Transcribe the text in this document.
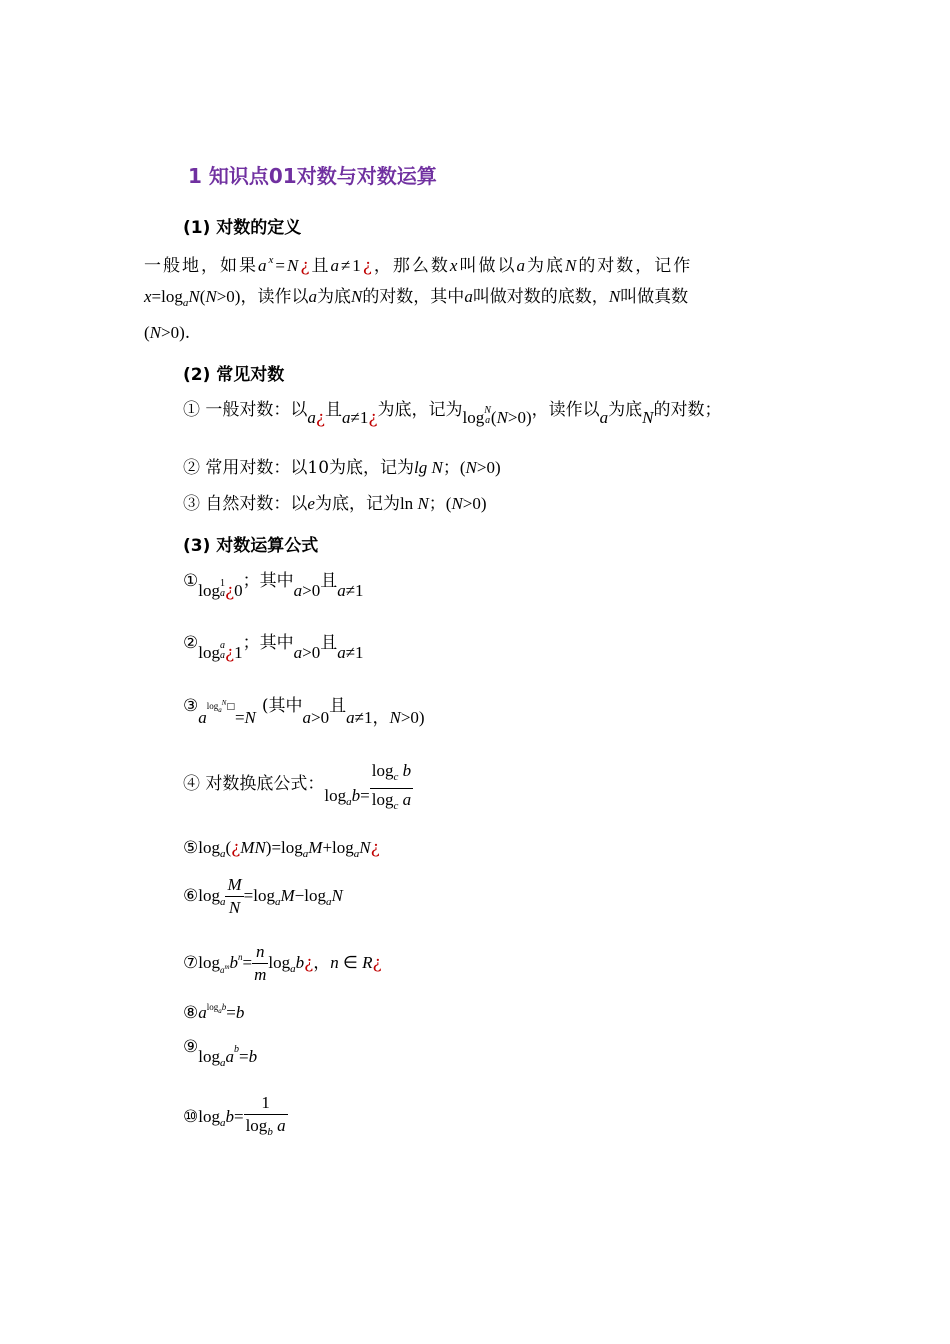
1 知识点01对数与对数运算
(1) 对数的定义
一般地，如果$a^x=N¿$且a≠1¿，那么数x叫做以a为底N的对数，记作
$x=\log_aN(N>0)$，读作以a为底N的对数，其中a叫做对数的底数，N叫做真数
(N>0).
(2) 常见对数
① 一般对数：以a¿且a≠1¿为底，记为log N
a (N>0)，读作以a为底N的对数；
② 常用对数：以10为底，记为lg N；(N>0)
③ 自然对数：以e为底，记为ln N；(N>0)
(3) 对数运算公式
①log 1
a ¿0；其中a>0且a≠1
②log a
a ¿1；其中a>0且a≠1
③aloga$^N$□=N(其中a>0且a≠1，N>0)
④ 对数换底公式：$\log_ab= \frac{\log_c b}{\log_c a}$
$⑤\log_a(¿MN)=\log_aM+\log_aN¿$
$⑥\log_a \frac{M}{N} =\log_aM-\log_aN$
$⑦\log_amb^n= \frac{n}{m}$ $\log_ab¿$，n ∈ R¿
$⑧a^{logab}=b$
$⑨\log_aab=b$
$⑩\log_ab= \frac{1}{\log_b a}$
